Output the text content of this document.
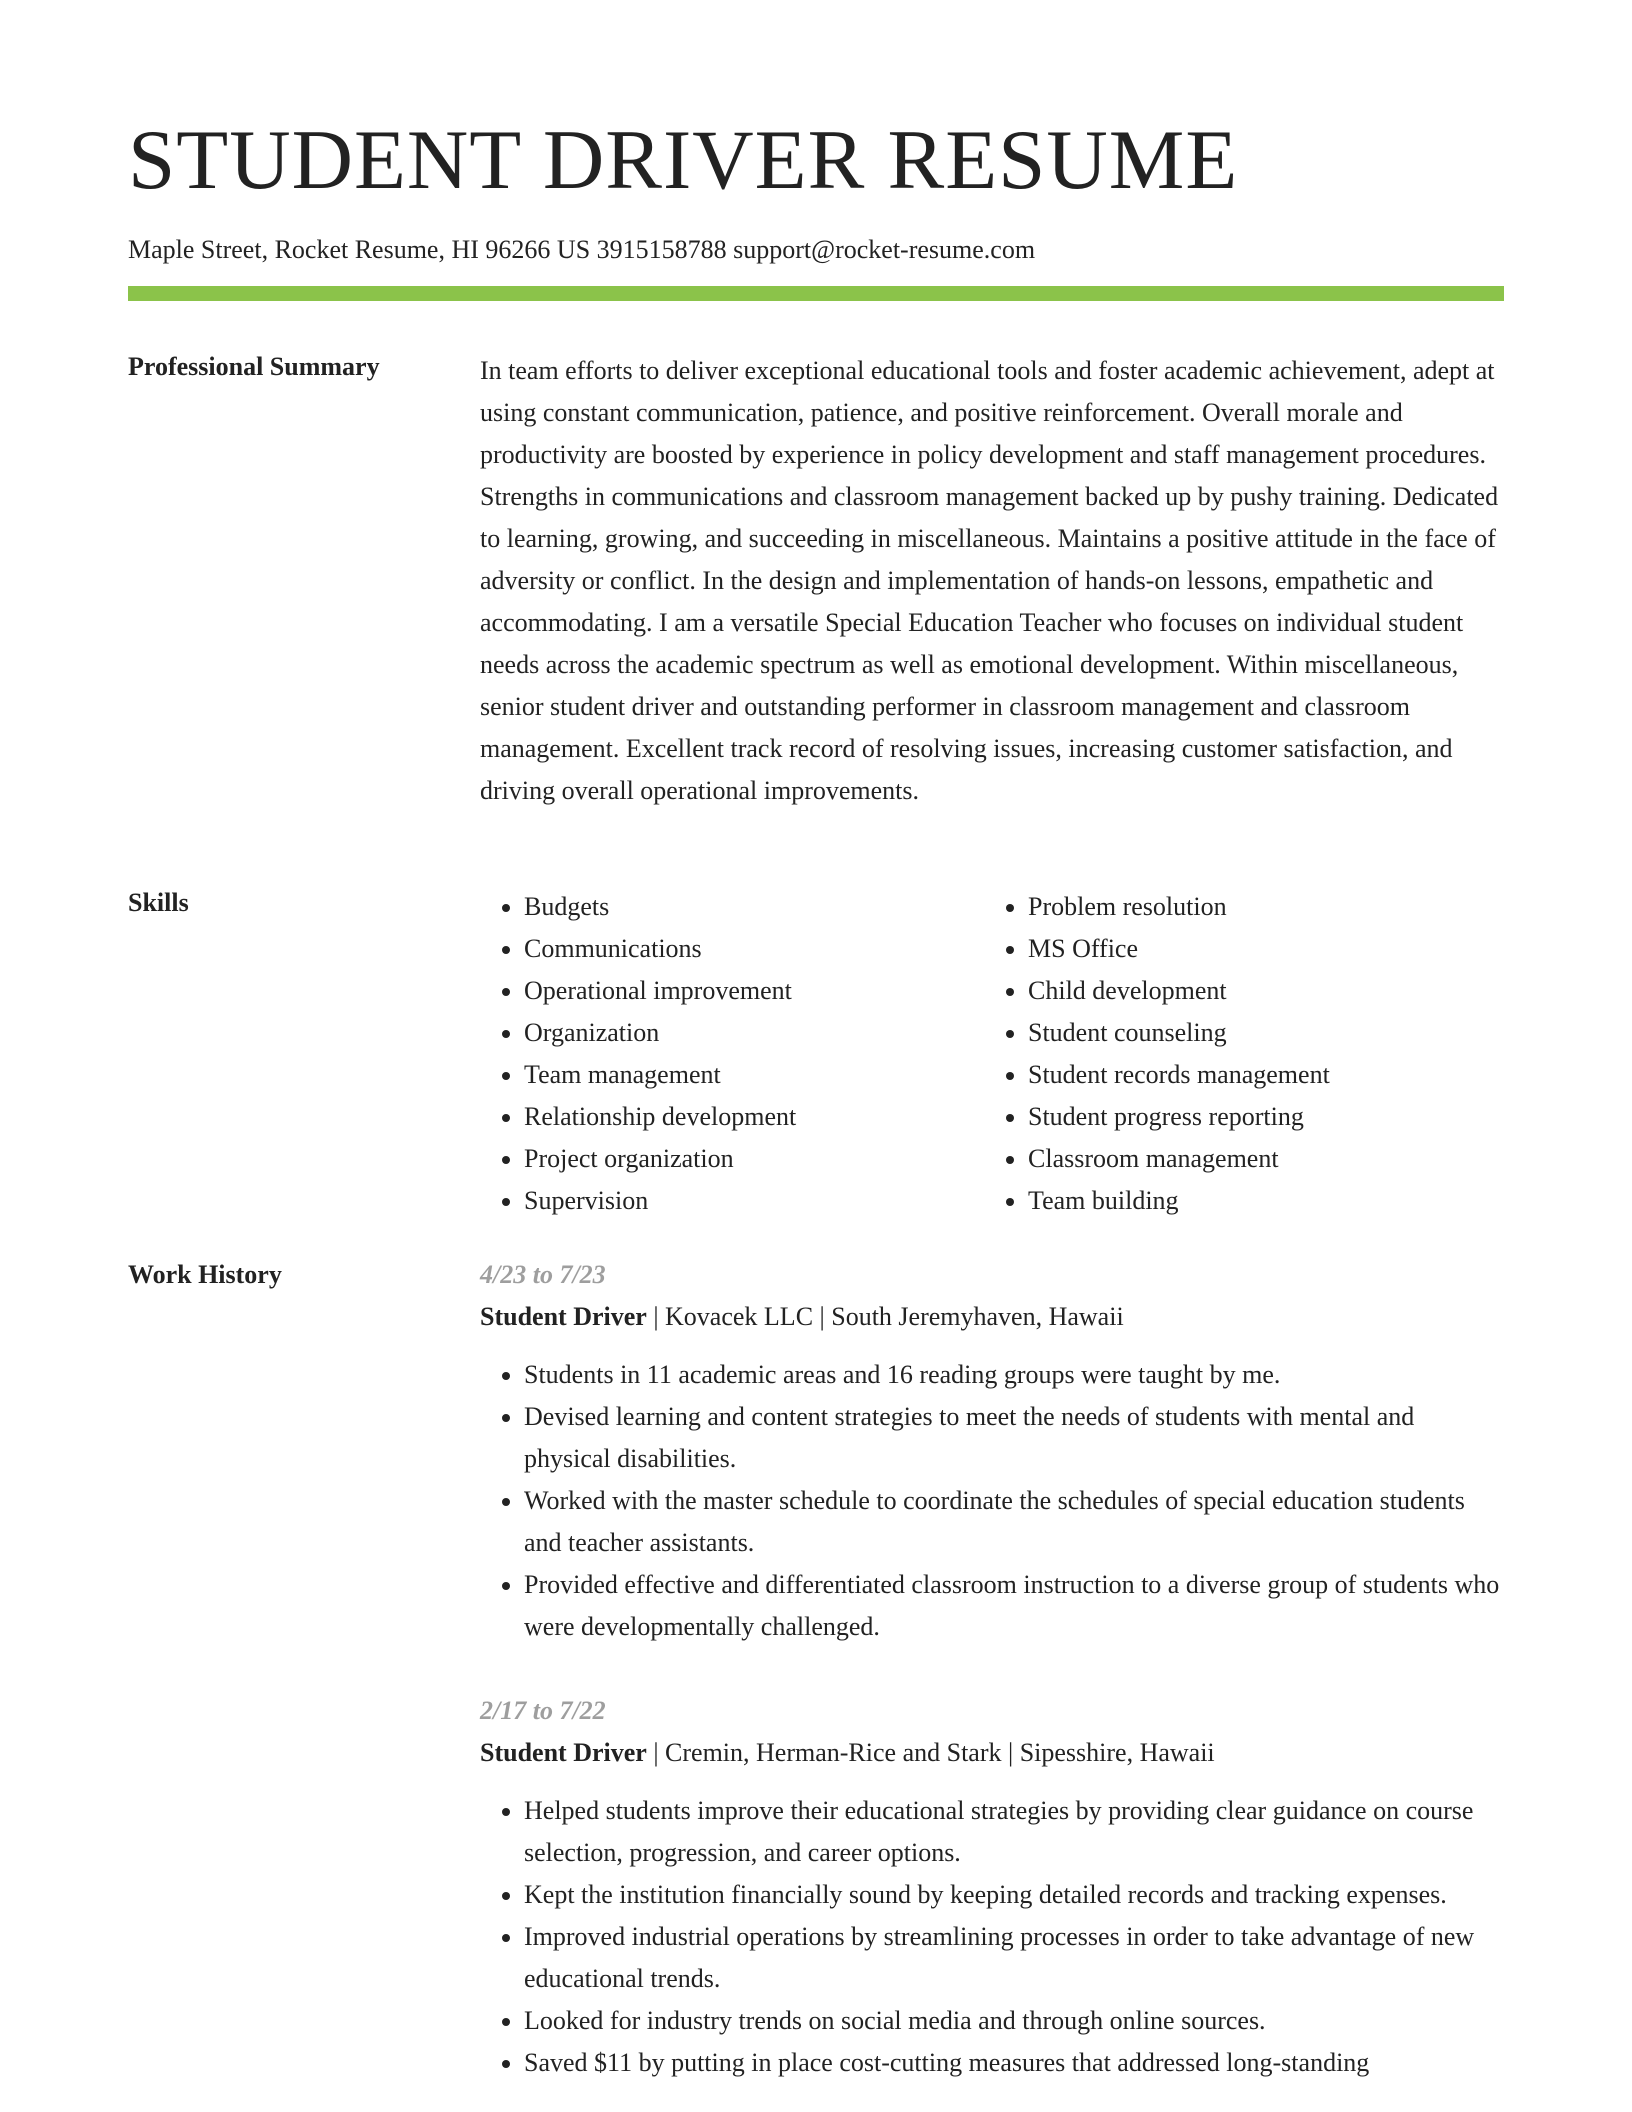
STUDENT DRIVER RESUME
Maple Street, Rocket Resume, HI 96266 US 3915158788 support@rocket-resume.com
Professional Summary	In team efforts to deliver exceptional educational tools and foster academic achievement, adept at using constant communication, patience, and positive reinforcement. Overall morale and productivity are boosted by experience in policy development and staff management procedures. Strengths in communications and classroom management backed up by pushy training. Dedicated to learning, growing, and succeeding in miscellaneous. Maintains a positive attitude in the face of adversity or conflict. In the design and implementation of hands-on lessons, empathetic and accommodating. I am a versatile Special Education Teacher who focuses on individual student needs across the academic spectrum as well as emotional development. Within miscellaneous, senior student driver and outstanding performer in classroom management and classroom management. Excellent track record of resolving issues, increasing customer satisfaction, and driving overall operational improvements.
Skills
•	Budgets
• Communications
• Operational improvement
• Organization
• Team management
• Relationship development
• Project organization
• Supervision
• Problem resolution
• MS Office
• Child development
• Student counseling
• Student records management
• Student progress reporting
• Classroom management
• Team building
Work History	4/23 to 7/23

Student Driver | Kovacek LLC | South Jeremyhaven, Hawaii

• Students in 11 academic areas and 16 reading groups were taught by me.
• Devised learning and content strategies to meet the needs of students with mental and physical disabilities.
• Worked with the master schedule to coordinate the schedules of special education students and teacher assistants.
• Provided effective and differentiated classroom instruction to a diverse group of students who were developmentally challenged.

2/17 to 7/22

Student Driver | Cremin, Herman-Rice and Stark | Sipesshire, Hawaii

• Helped students improve their educational strategies by providing clear guidance on course selection, progression, and career options.
• Kept the institution financially sound by keeping detailed records and tracking expenses.
• Improved industrial operations by streamlining processes in order to take advantage of new educational trends.
• Looked for industry trends on social media and through online sources.
• Saved $11 by putting in place cost-cutting measures that addressed long-standing
